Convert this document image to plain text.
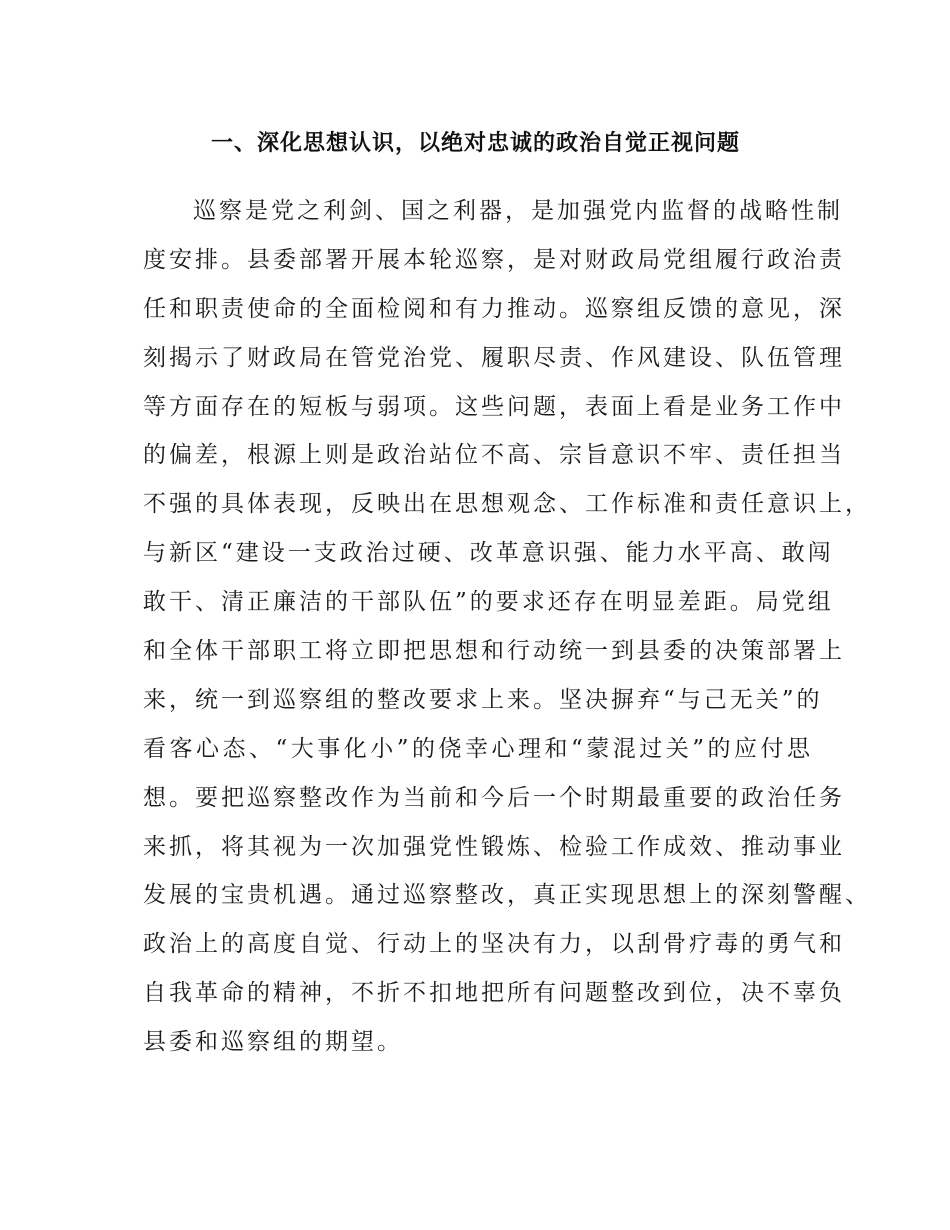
一、深化思想认识，以绝对忠诚的政治自觉正视问题
巡察是党之利剑、国之利器，是加强党内监督的战略性制
度安排。县委部署开展本轮巡察，是对财政局党组履行政治责
任和职责使命的全面检阅和有力推动。巡察组反馈的意见，深
刻揭示了财政局在管党治党、履职尽责、作风建设、队伍管理
等方面存在的短板与弱项。这些问题，表面上看是业务工作中
的偏差，根源上则是政治站位不高、宗旨意识不牢、责任担当
不强的具体表现，反映出在思想观念、工作标准和责任意识上，
与新区“建设一支政治过硬、改革意识强、能力水平高、敢闯
敢干、清正廉洁的干部队伍”的要求还存在明显差距。局党组
和全体干部职工将立即把思想和行动统一到县委的决策部署上
来，统一到巡察组的整改要求上来。坚决摒弃“与己无关”的
看客心态、“大事化小”的侥幸心理和“蒙混过关”的应付思
想。要把巡察整改作为当前和今后一个时期最重要的政治任务
来抓，将其视为一次加强党性锻炼、检验工作成效、推动事业
发展的宝贵机遇。通过巡察整改，真正实现思想上的深刻警醒、
政治上的高度自觉、行动上的坚决有力，以刮骨疗毒的勇气和
自我革命的精神，不折不扣地把所有问题整改到位，决不辜负
县委和巡察组的期望。
